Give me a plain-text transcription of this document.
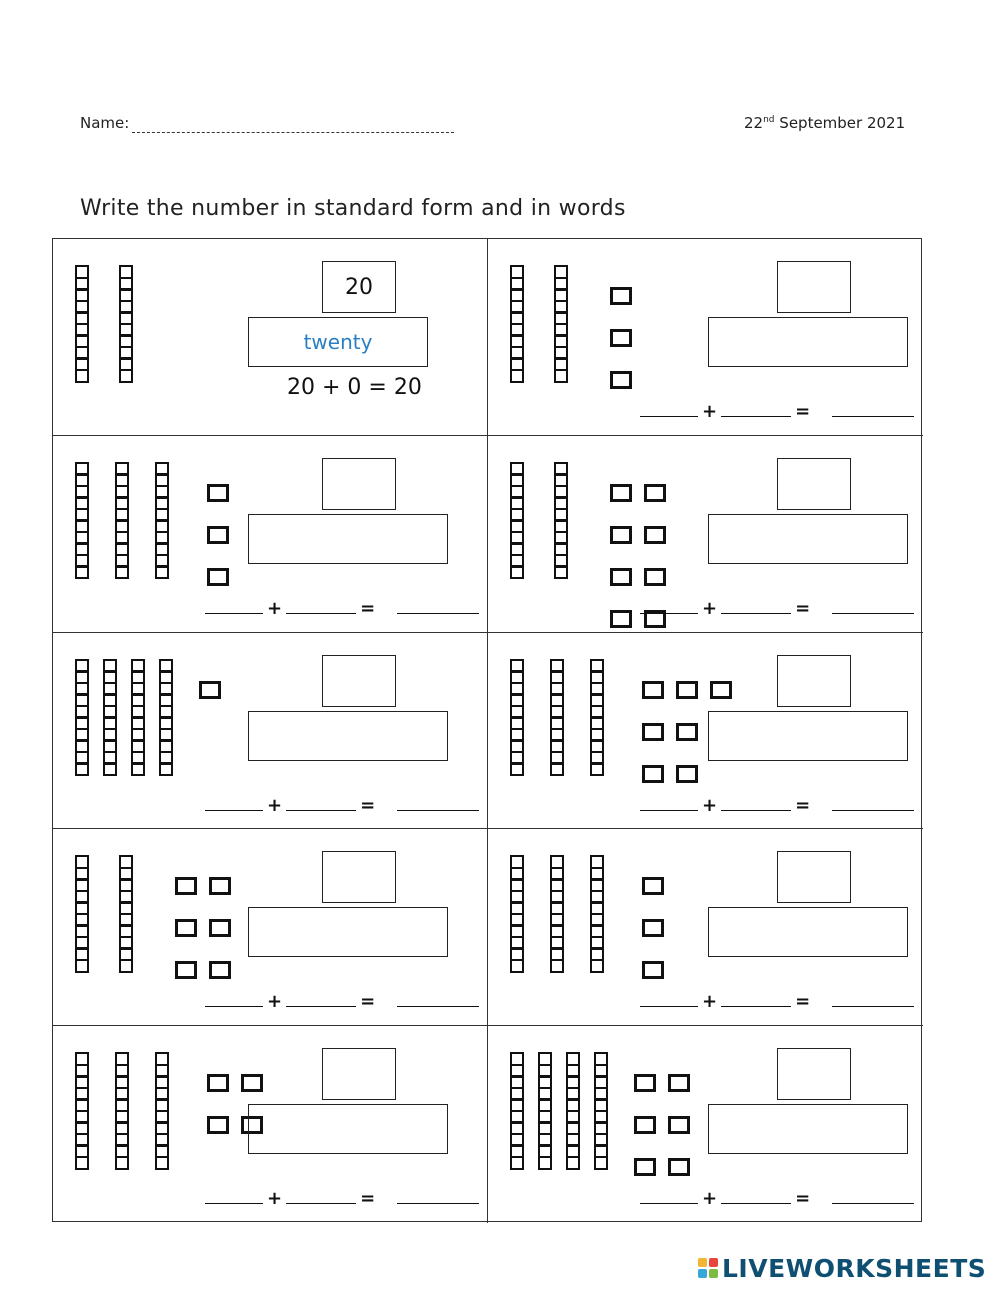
Name:	22nd September 2021
Write the number in standard form and in words
20
twenty
20 + 0 = 20
+	=
+	=	+	=
+	=	+	=
+	=	+	=
+	=	+	=
LIVEWORKSHEETS
